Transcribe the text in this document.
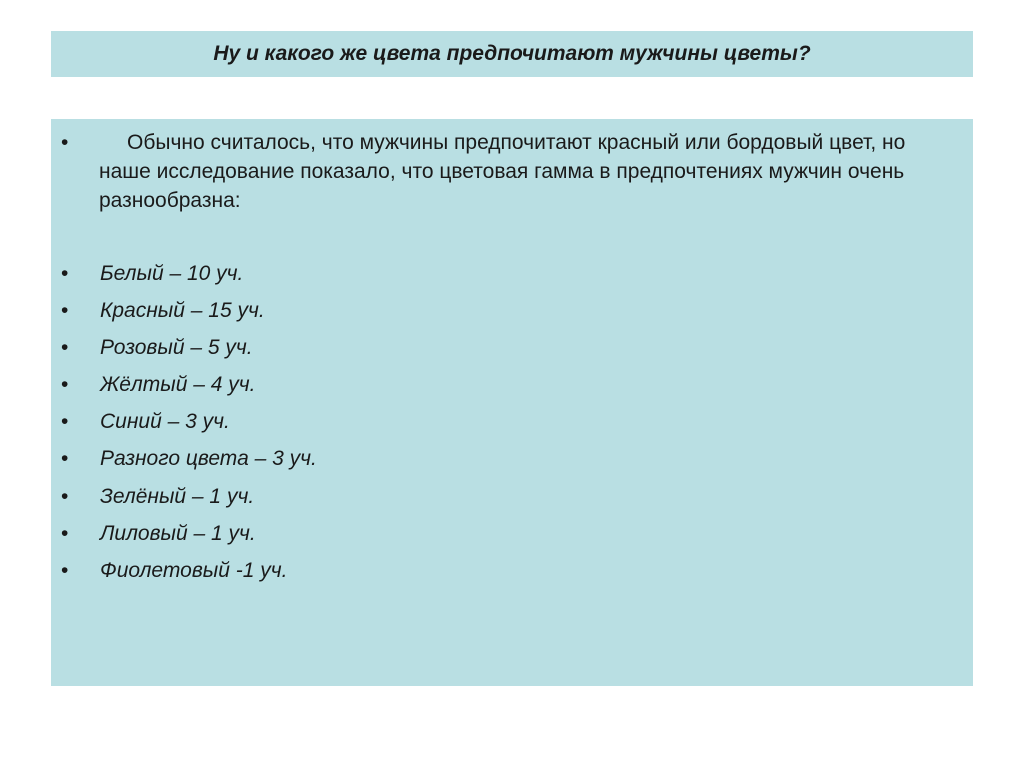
Ну и какого же цвета предпочитают мужчины цветы?
•	Обычно считалось, что мужчины предпочитают красный или бордовый цвет, но наше исследование показало, что цветовая гамма в предпочтениях мужчин очень разнообразна:
• Белый – 10 уч.
• Красный – 15 уч.
• Розовый – 5 уч.
• Жёлтый – 4 уч.
• Синий – 3 уч.
• Разного цвета – 3 уч.
• Зелёный – 1 уч.
• Лиловый – 1 уч.
• Фиолетовый -1 уч.
